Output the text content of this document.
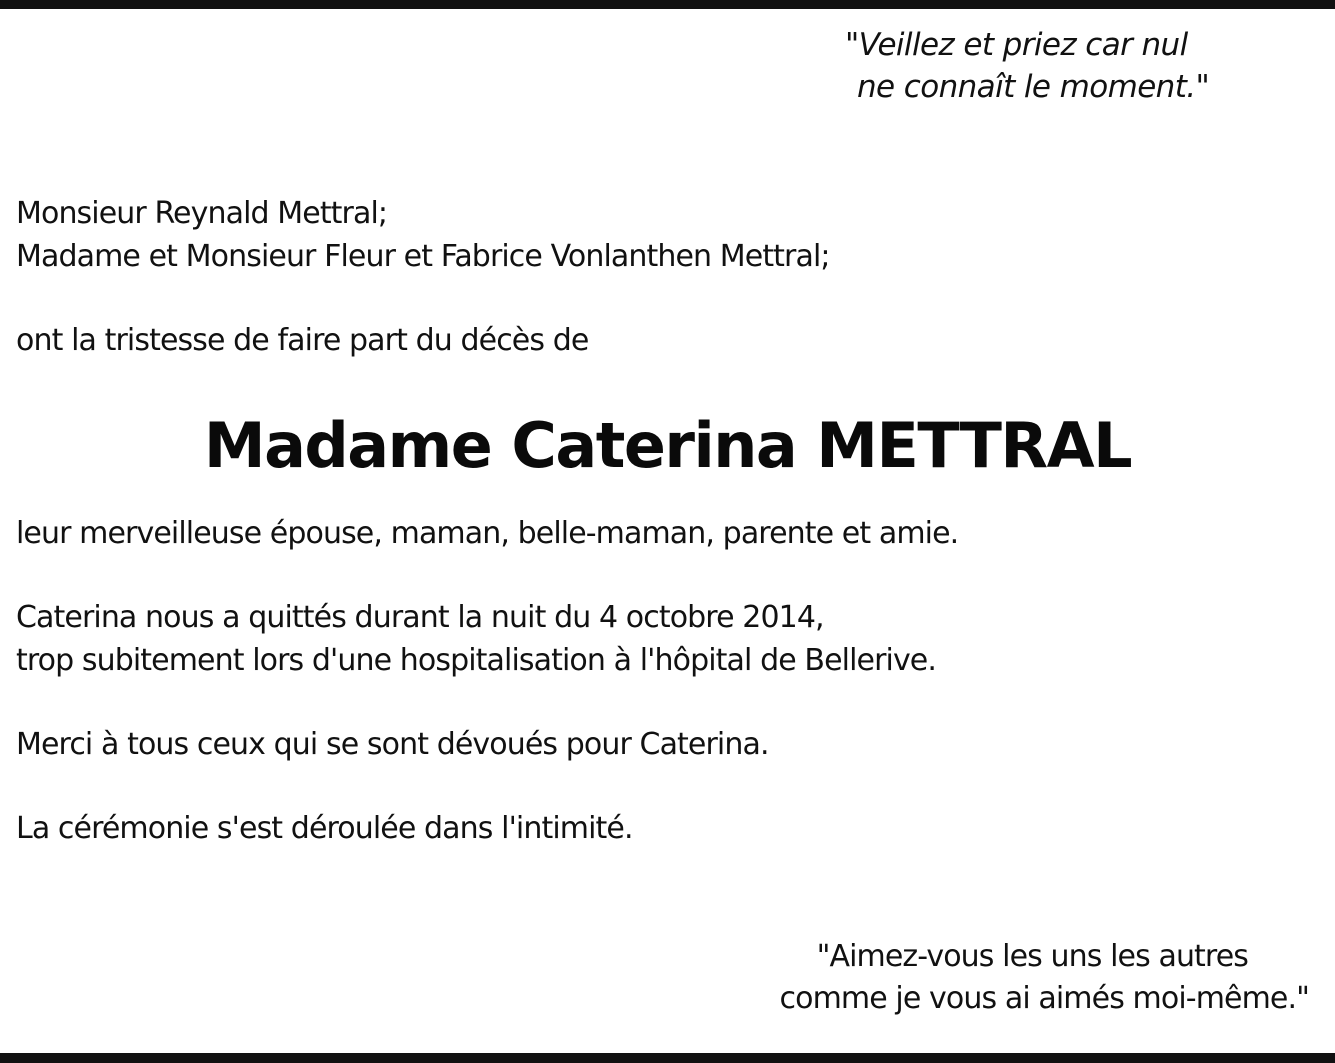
"Veillez et priez car nul
ne connaît le moment."
Monsieur Reynald Mettral;
Madame et Monsieur Fleur et Fabrice Vonlanthen Mettral;
ont la tristesse de faire part du décès de
Madame Caterina METTRAL
leur merveilleuse épouse, maman, belle-maman, parente et amie.
Caterina nous a quittés durant la nuit du 4 octobre 2014,
trop subitement lors d'une hospitalisation à l'hôpital de Bellerive.
Merci à tous ceux qui se sont dévoués pour Caterina.
La cérémonie s'est déroulée dans l'intimité.
"Aimez-vous les uns les autres
comme je vous ai aimés moi-même."
